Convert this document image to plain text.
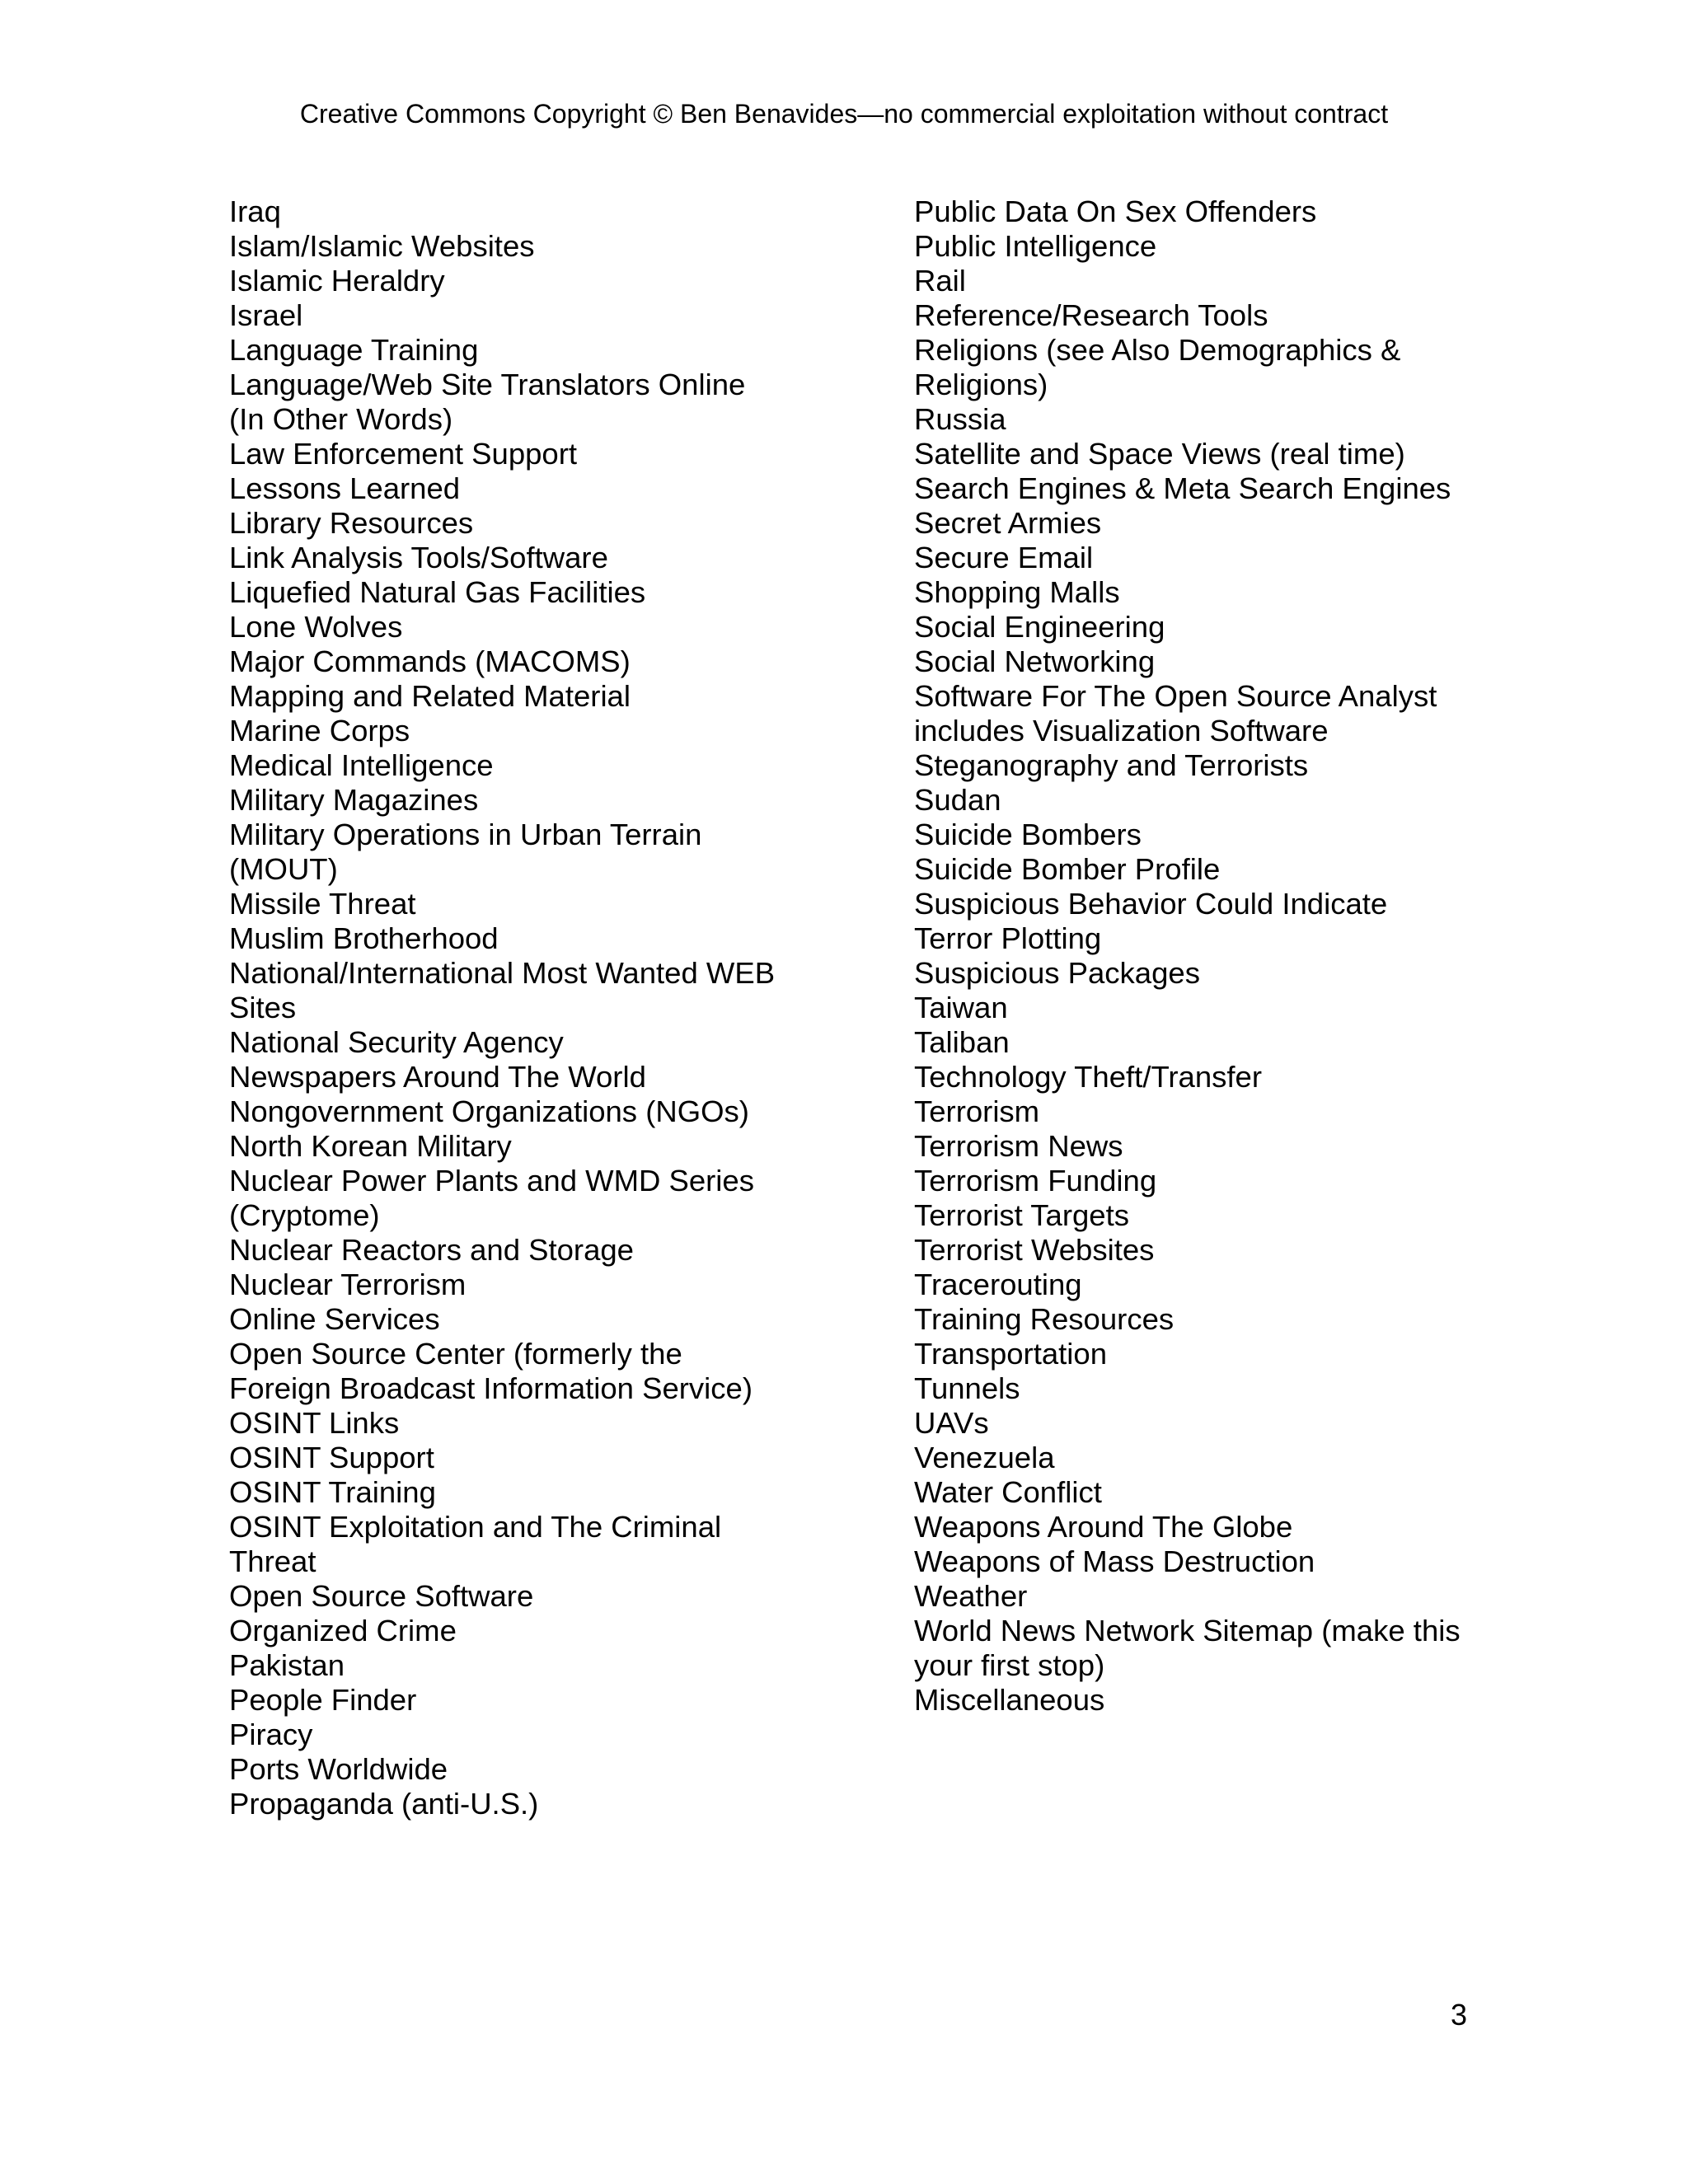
Creative Commons Copyright © Ben Benavides—no commercial exploitation without contract
Iraq
Islam/Islamic Websites
Islamic Heraldry
Israel
Language Training
Language/Web Site Translators Online
(In Other Words)
Law Enforcement Support
Lessons Learned
Library Resources
Link Analysis Tools/Software
Liquefied Natural Gas Facilities
Lone Wolves
Major Commands (MACOMS)
Mapping and Related Material
Marine Corps
Medical Intelligence
Military Magazines
Military Operations in Urban Terrain
(MOUT)
Missile Threat
Muslim Brotherhood
National/International Most Wanted WEB
Sites
National Security Agency
Newspapers Around The World
Nongovernment Organizations (NGOs)
North Korean Military
Nuclear Power Plants and WMD Series
(Cryptome)
Nuclear Reactors and Storage
Nuclear Terrorism
Online Services
Open Source Center (formerly the
Foreign Broadcast Information Service)
OSINT Links
OSINT Support
OSINT Training
OSINT Exploitation and The Criminal
Threat
Open Source Software
Organized Crime
Pakistan
People Finder
Piracy
Ports Worldwide
Propaganda (anti-U.S.)
Public Data On Sex Offenders
Public Intelligence
Rail
Reference/Research Tools
Religions (see Also Demographics &
Religions)
Russia
Satellite and Space Views (real time)
Search Engines & Meta Search Engines
Secret Armies
Secure Email
Shopping Malls
Social Engineering
Social Networking
Software For The Open Source Analyst
includes Visualization Software
Steganography and Terrorists
Sudan
Suicide Bombers
Suicide Bomber Profile
Suspicious Behavior Could Indicate
Terror Plotting
Suspicious Packages
Taiwan
Taliban
Technology Theft/Transfer
Terrorism
Terrorism News
Terrorism Funding
Terrorist Targets
Terrorist Websites
Tracerouting
Training Resources
Transportation
Tunnels
UAVs
Venezuela
Water Conflict
Weapons Around The Globe
Weapons of Mass Destruction
Weather
World News Network Sitemap (make this
your first stop)
Miscellaneous
3
